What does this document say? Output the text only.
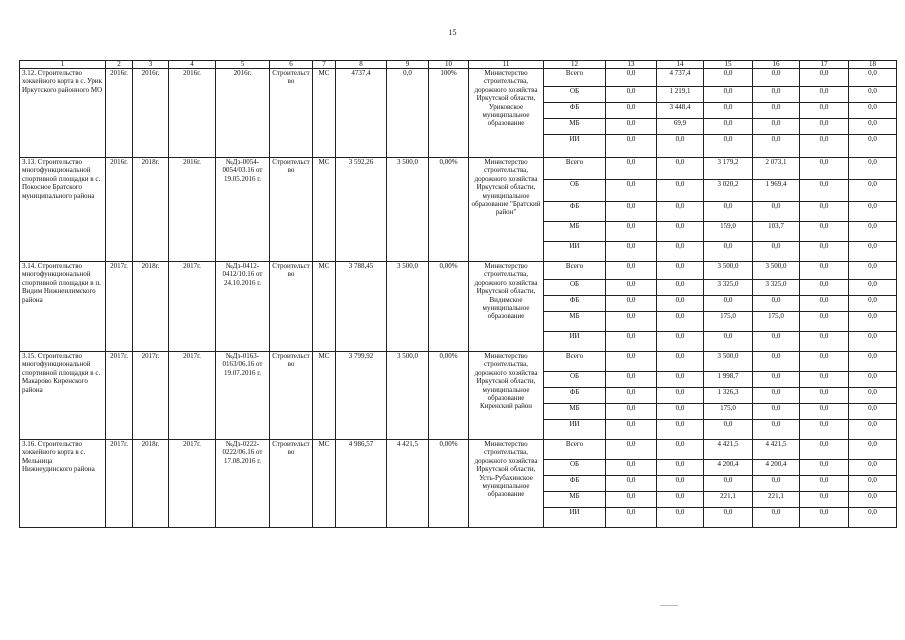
15
1	2	3	4	5	6	7	8	9	10	11	12	13	14	15	16	17	18
3.12. Строительство хоккейного корта в с. Урик Иркутского районного МО	2016г.	2016г.	2016г.	2016г.	Строительство	МС	4737,4	0,0	100%	Министерство строительства, дорожного хозяйства Иркутской области, Уриковское муниципальное образование	Всего	0,0	4 737,4	0,0	0,0	0,0	0,0
											ОБ	0,0	1 219,1	0,0	0,0	0,0	0,0
											ФБ	0,0	3 448,4	0,0	0,0	0,0	0,0
											МБ	0,0	69,9	0,0	0,0	0,0	0,0
											ИИ	0,0	0,0	0,0	0,0	0,0	0,0
3.13. Строительство многофункциональной спортивной площадки в с. Покосное Братского муниципального района	2016г.	2018г.	2016г.	№Дз-0054-0054/03.16 от 19.05.2016 г.	Строительство	МС	3 592,26	3 500,0	0,00%	Министерство строительства, дорожного хозяйства Иркутской области, муниципальное образование "Братский район"	Всего	0,0	0,0	3 179,2	2 073,1	0,0	0,0
											ОБ	0,0	0,0	3 020,2	1 969,4	0,0	0,0
											ФБ	0,0	0,0	0,0	0,0	0,0	0,0
											МБ	0,0	0,0	159,0	103,7	0,0	0,0
											ИИ	0,0	0,0	0,0	0,0	0,0	0,0
3.14. Строительство многофункциональной спортивной площадки в п. Видим Нижнеилимского района	2017г.	2018г.	2017г.	№Дз-0412-0412/10.16 от 24.10.2016 г.	Строительство	МС	3 788,45	3 500,0	0,00%	Министерство строительства, дорожного хозяйства Иркутской области, Видимское муниципальное образование	Всего	0,0	0,0	3 500,0	3 500,0	0,0	0,0
											ОБ	0,0	0,0	3 325,0	3 325,0	0,0	0,0
											ФБ	0,0	0,0	0,0	0,0	0,0	0,0
											МБ	0,0	0,0	175,0	175,0	0,0	0,0
											ИИ	0,0	0,0	0,0	0,0	0,0	0,0
3.15. Строительство многофункциональной спортивной площадки в с. Макарово Киренского района	2017г.	2017г.	2017г.	№Дз-0163-0163/06.16 от 19.07.2016 г.	Строительство	МС	3 799,92	3 500,0	0,00%	Министерство строительства, дорожного хозяйства Иркутской области, муниципальное образование Киренский район	Всего	0,0	0,0	3 500,0	0,0	0,0	0,0
											ОБ	0,0	0,0	1 998,7	0,0	0,0	0,0
											ФБ	0,0	0,0	1 326,3	0,0	0,0	0,0
											МБ	0,0	0,0	175,0	0,0	0,0	0,0
											ИИ	0,0	0,0	0,0	0,0	0,0	0,0
3.16. Строительство хоккейного корта в с. Мельница Нижнеудинского района	2017г.	2018г.	2017г.	№Дз-0222-0222/06.16 от 17.08.2016 г.	Строительство	МС	4 986,57	4 421,5	0,00%	Министерство строительства, дорожного хозяйства Иркутской области, Усть-Рубахинское муниципальное образование	Всего	0,0	0,0	4 421,5	4 421,5	0,0	0,0
											ОБ	0,0	0,0	4 200,4	4 200,4	0,0	0,0
											ФБ	0,0	0,0	0,0	0,0	0,0	0,0
											МБ	0,0	0,0	221,1	221,1	0,0	0,0
											ИИ	0,0	0,0	0,0	0,0	0,0	0,0
